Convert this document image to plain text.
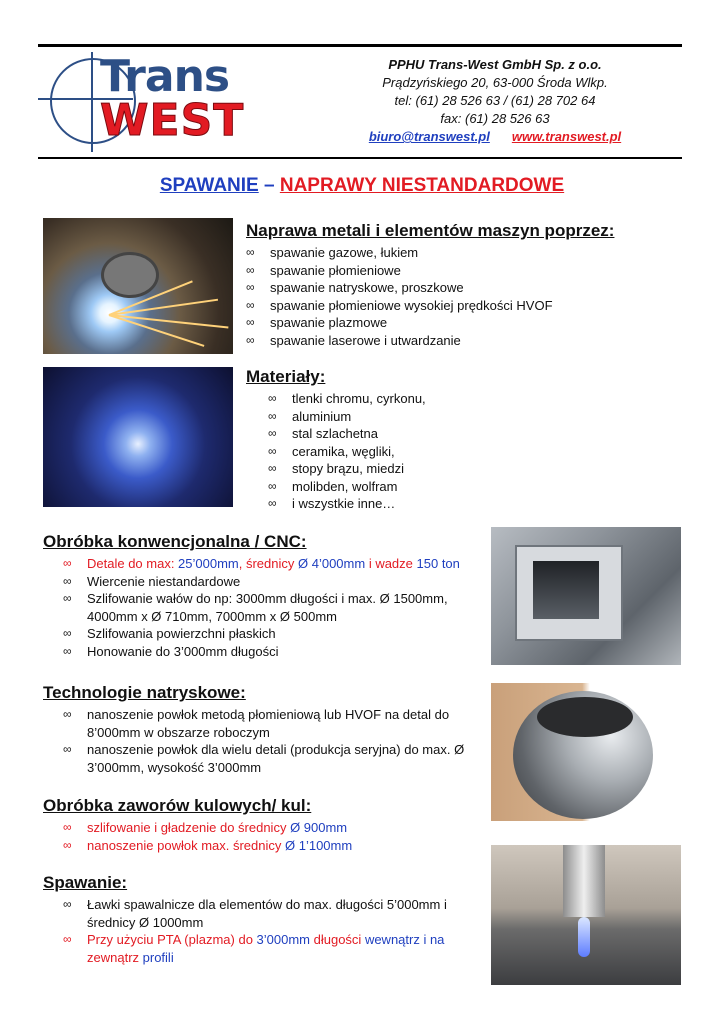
Trans
WEST
PPHU Trans-West GmbH Sp. z o.o.
Prądzyńskiego 20, 63-000 Środa Wlkp.
tel: (61) 28 526 63 / (61) 28 702 64
fax: (61) 28 526 63
biuro@transwest.pl www.transwest.pl
SPAWANIE – NAPRAWY NIESTANDARDOWE
Naprawa metali i elementów maszyn poprzez:
∞ spawanie gazowe, łukiem
∞ spawanie płomieniowe
∞ spawanie natryskowe, proszkowe
∞ spawanie płomieniowe wysokiej prędkości HVOF
∞ spawanie plazmowe
∞ spawanie laserowe i utwardzanie
Materiały:
∞ tlenki chromu, cyrkonu,
∞ aluminium
∞ stal szlachetna
∞ ceramika, węgliki,
∞ stopy brązu, miedzi
∞ molibden, wolfram
∞ i wszystkie inne…
Obróbka konwencjonalna / CNC:
∞ Detale do max: 25’000mm, średnicy Ø 4’000mm i wadze 150 ton
∞ Wiercenie niestandardowe
∞ Szlifowanie wałów do np: 3000mm długości i max. Ø 1500mm, 4000mm x Ø 710mm, 7000mm x Ø 500mm
∞ Szlifowania powierzchni płaskich
∞ Honowanie do 3’000mm długości
Technologie natryskowe:
∞ nanoszenie powłok metodą płomieniową lub HVOF na detal do 8’000mm w obszarze roboczym
∞ nanoszenie powłok dla wielu detali (produkcja seryjna) do max. Ø 3’000mm, wysokość 3’000mm
Obróbka zaworów kulowych/ kul:
∞ szlifowanie i gładzenie do średnicy Ø 900mm
∞ nanoszenie powłok max. średnicy Ø 1’100mm
Spawanie:
∞ Ławki spawalnicze dla elementów do max. długości 5’000mm i średnicy Ø 1000mm
∞ Przy użyciu PTA (plazma) do 3’000mm długości wewnątrz i na zewnątrz profili
